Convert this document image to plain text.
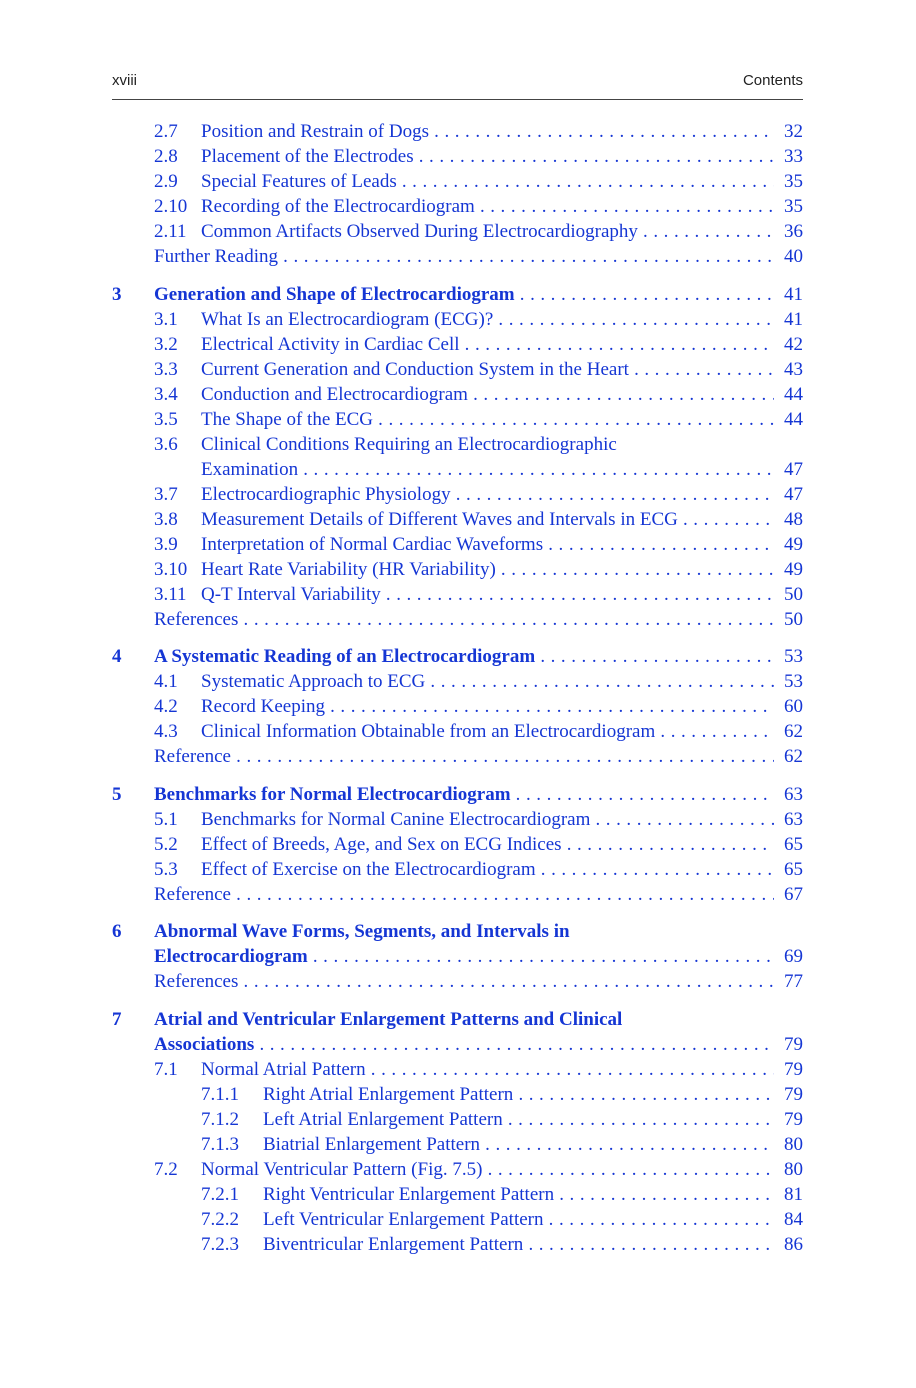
xviii	Contents
2.7 Position and Restrain of Dogs . . .	32
2.8 Placement of the Electrodes . . .	33
2.9 Special Features of Leads . . .	35
2.10 Recording of the Electrocardiogram . . .	35
2.11 Common Artifacts Observed During Electrocardiography . . .	36
Further Reading . . .	40
3 Generation and Shape of Electrocardiogram . . .	41
3.1 What Is an Electrocardiogram (ECG)? . . .	41
3.2 Electrical Activity in Cardiac Cell . . .	42
3.3 Current Generation and Conduction System in the Heart . . .	43
3.4 Conduction and Electrocardiogram . . .	44
3.5 The Shape of the ECG . . .	44
3.6 Clinical Conditions Requiring an Electrocardiographic
Examination . . .	47
3.7 Electrocardiographic Physiology . . .	47
3.8 Measurement Details of Different Waves and Intervals in ECG . . .	48
3.9 Interpretation of Normal Cardiac Waveforms . . .	49
3.10 Heart Rate Variability (HR Variability) . . .	49
3.11 Q-T Interval Variability . . .	50
References . . .	50
4 A Systematic Reading of an Electrocardiogram . . .	53
4.1 Systematic Approach to ECG . . .	53
4.2 Record Keeping . . .	60
4.3 Clinical Information Obtainable from an Electrocardiogram . . .	62
Reference . . .	62
5 Benchmarks for Normal Electrocardiogram . . .	63
5.1 Benchmarks for Normal Canine Electrocardiogram . . .	63
5.2 Effect of Breeds, Age, and Sex on ECG Indices . . .	65
5.3 Effect of Exercise on the Electrocardiogram . . .	65
Reference . . .	67
6 Abnormal Wave Forms, Segments, and Intervals in
Electrocardiogram . . .	69
References . . .	77
7 Atrial and Ventricular Enlargement Patterns and Clinical
Associations . . .	79
7.1 Normal Atrial Pattern . . .	79
7.1.1 Right Atrial Enlargement Pattern . . .	79
7.1.2 Left Atrial Enlargement Pattern . . .	79
7.1.3 Biatrial Enlargement Pattern . . .	80
7.2 Normal Ventricular Pattern (Fig. 7.5) . . .	80
7.2.1 Right Ventricular Enlargement Pattern . . .	81
7.2.2 Left Ventricular Enlargement Pattern . . .	84
7.2.3 Biventricular Enlargement Pattern . . .	86
